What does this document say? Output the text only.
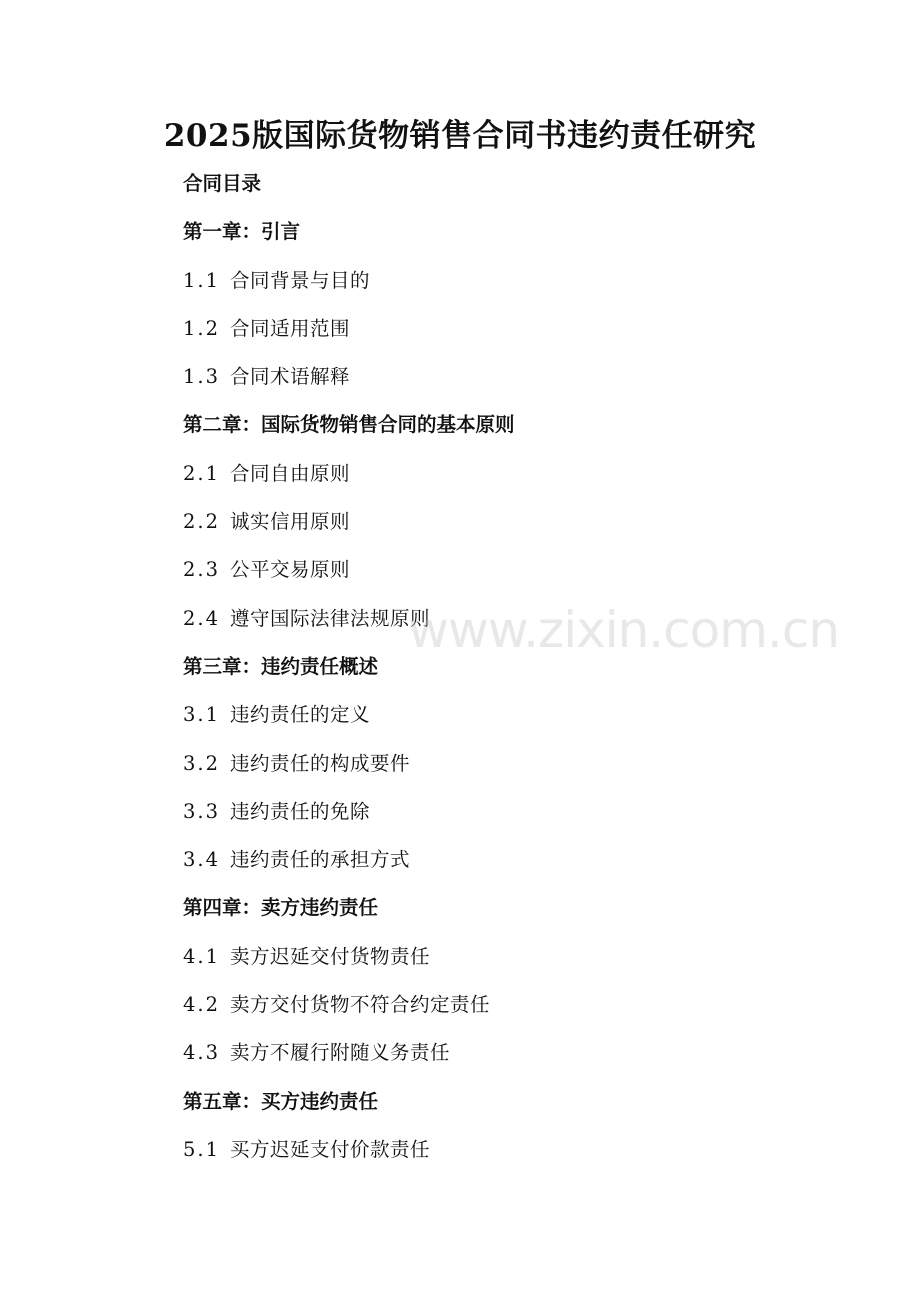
2025版国际货物销售合同书违约责任研究
合同目录
第一章：引言
1.1 合同背景与目的
1.2 合同适用范围
1.3 合同术语解释
第二章：国际货物销售合同的基本原则
2.1 合同自由原则
2.2 诚实信用原则
2.3 公平交易原则
2.4 遵守国际法律法规原则
第三章：违约责任概述
3.1 违约责任的定义
3.2 违约责任的构成要件
3.3 违约责任的免除
3.4 违约责任的承担方式
第四章：卖方违约责任
4.1 卖方迟延交付货物责任
4.2 卖方交付货物不符合约定责任
4.3 卖方不履行附随义务责任
第五章：买方违约责任
5.1 买方迟延支付价款责任
www.zixin.com.cn
